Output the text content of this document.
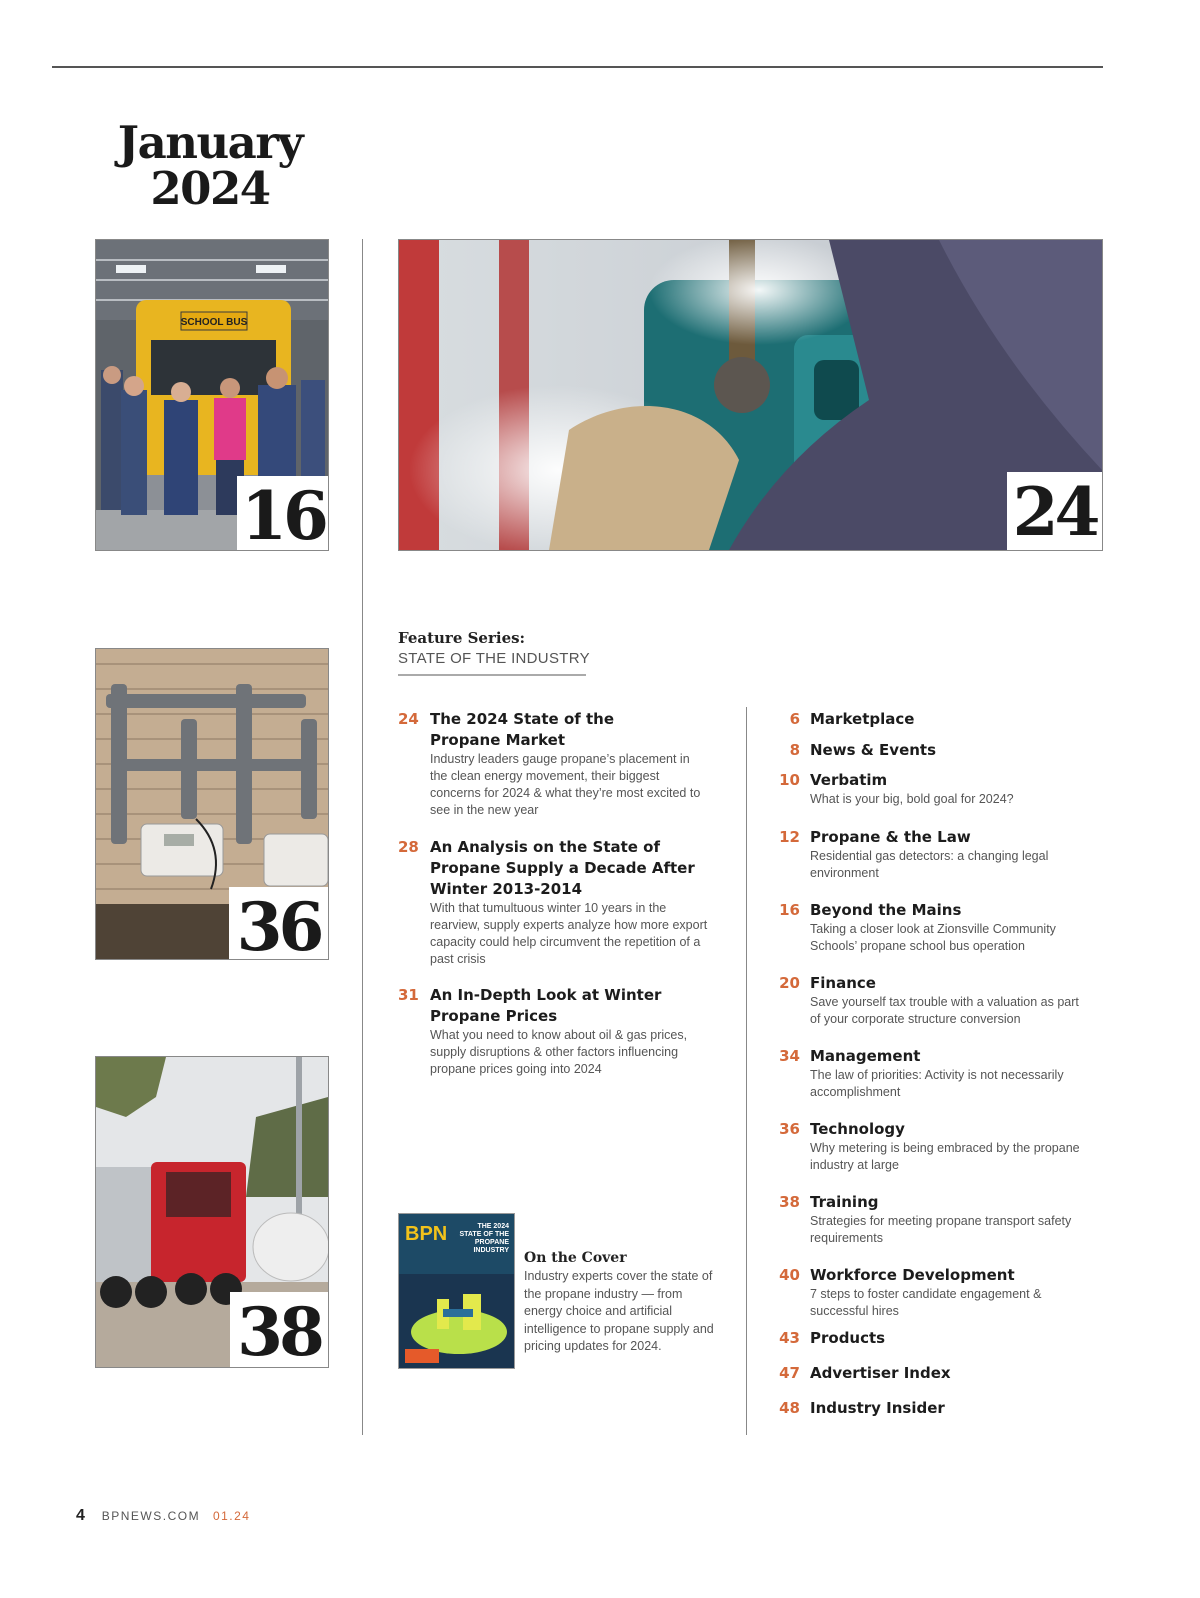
January
2024
SCHOOL BUS
16	24
36
38
Feature Series:
STATE OF THE INDUSTRY
24 The 2024 State of the
Propane Market
Industry leaders gauge propane’s placement in the clean energy movement, their biggest concerns for 2024 & what they’re most excited to see in the new year
28 An Analysis on the State of
Propane Supply a Decade After
Winter 2013-2014
With that tumultuous winter 10 years in the rearview, supply experts analyze how more export capacity could help circumvent the repetition of a past crisis
31 An In-Depth Look at Winter
Propane Prices
What you need to know about oil & gas prices, supply disruptions & other factors influencing propane prices going into 2024
6 Marketplace
8 News & Events
10 Verbatim
What is your big, bold goal for 2024?
12 Propane & the Law
Residential gas detectors: a changing legal environment
16 Beyond the Mains
Taking a closer look at Zionsville Community Schools’ propane school bus operation
20 Finance
Save yourself tax trouble with a valuation as part of your corporate structure conversion
34 Management
The law of priorities: Activity is not necessarily accomplishment
36 Technology
Why metering is being embraced by the propane industry at large
38 Training
Strategies for meeting propane transport safety requirements
40 Workforce Development
7 steps to foster candidate engagement & successful hires
43 Products
47 Advertiser Index
48 Industry Insider
BPN	THE 2024
STATE OF THE
PROPANE
INDUSTRY On the Cover
Industry experts cover the state of the propane industry — from energy choice and artificial intelligence to propane supply and pricing updates for 2024.
4 BPNEWS.COM 01.24
